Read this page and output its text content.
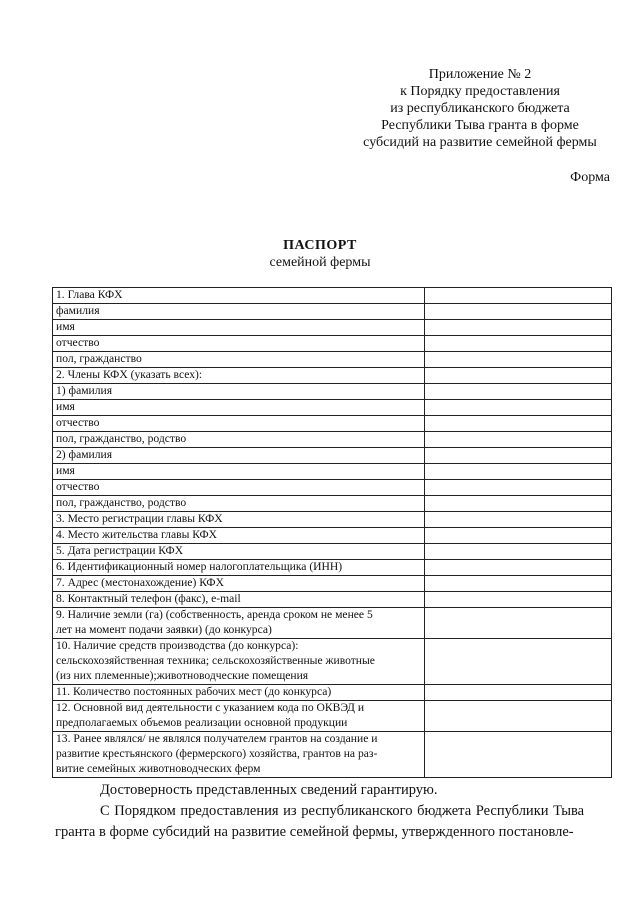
Приложение № 2
к Порядку предоставления
из республиканского бюджета
Республики Тыва гранта в форме
субсидий на развитие семейной фермы
Форма
ПАСПОРТ
семейной фермы
1. Глава КФХ
фамилия	

имя	

отчество	

пол, гражданство	

2. Члены КФХ (указать всех):
1) фамилия	

имя	

отчество	

пол, гражданство, родство	

2) фамилия	

имя	

отчество	

пол, гражданство, родство	

3. Место регистрации главы КФХ	

4. Место жительства главы КФХ	

5. Дата регистрации КФХ	

6. Идентификационный номер налогоплательщика (ИНН)	

7. Адрес (местонахождение) КФХ	

8. Контактный телефон (факс), e-mail	

9. Наличие земли (га) (собственность, аренда сроком не менее 5
лет на момент подачи заявки) (до конкурса)	

10. Наличие средств производства (до конкурса):
сельскохозяйственная техника; сельскохозяйственные животные
(из них племенные);животноводческие помещения	

11. Количество постоянных рабочих мест (до конкурса)	

12. Основной вид деятельности с указанием кода по ОКВЭД и
предполагаемых объемов реализации основной продукции	

13. Ранее являлся/ не являлся получателем грантов на создание и
развитие крестьянского (фермерского) хозяйства, грантов на раз-
витие семейных животноводческих ферм	

Достоверность представленных сведений гарантирую.
С Порядком предоставления из республиканского бюджета Республики Тыва
гранта в форме субсидий на развитие семейной фермы, утвержденного постановле-
